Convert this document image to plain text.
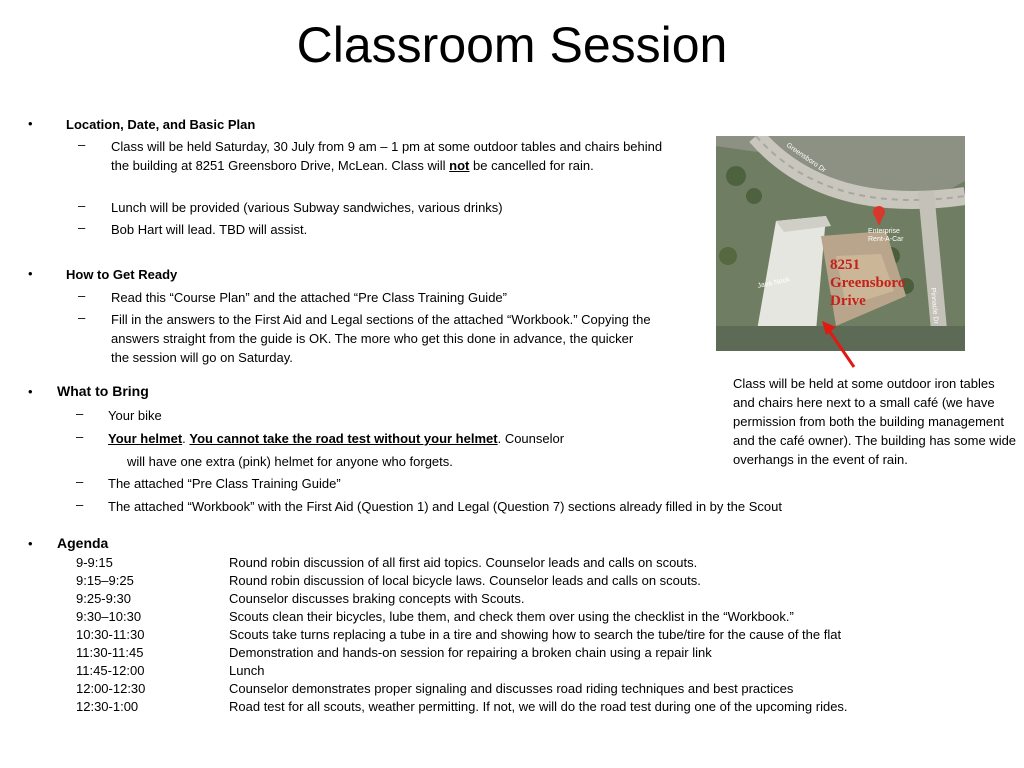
Classroom Session
•	Location, Date, and Basic Plan
– Class will be held Saturday, 30 July from 9 am – 1 pm at some outdoor tables and chairs behind the building at 8251 Greensboro Drive, McLean. Class will not be cancelled for rain.
– Lunch will be provided (various Subway sandwiches, various drinks)
– Bob Hart will lead. TBD will assist.
•	How to Get Ready
– Read this “Course Plan” and the attached “Pre Class Training Guide”
– Fill in the answers to the First Aid and Legal sections of the attached “Workbook.” Copying the answers straight from the guide is OK. The more who get this done in advance, the quicker the session will go on Saturday.
• What to Bring
– Your bike
– Your helmet. You cannot take the road test without your helmet. Counselor
will have one extra (pink) helmet for anyone who forgets.
– The attached “Pre Class Training Guide”
– The attached “Workbook” with the First Aid (Question 1) and Legal (Question 7) sections already filled in by the Scout
• Agenda
9-9:15	Round robin discussion of all first aid topics. Counselor leads and calls on scouts.
9:15–9:25	Round robin discussion of local bicycle laws. Counselor leads and calls on scouts.
9:25-9:30	Counselor discusses braking concepts with Scouts.
9:30–10:30	Scouts clean their bicycles, lube them, and check them over using the checklist in the “Workbook.”
10:30-11:30	Scouts take turns replacing a tube in a tire and showing how to search the tube/tire for the cause of the flat
11:30-11:45	Demonstration and hands-on session for repairing a broken chain using a repair link
11:45-12:00	Lunch
12:00-12:30	Counselor demonstrates proper signaling and discusses road riding techniques and best practices
12:30-1:00	Road test for all scouts, weather permitting. If not, we will do the road test during one of the upcoming rides.
Enterprise
Rent-A-Car
Java Nook
Greensboro Dr
Pinnacle Dr
8251
Greensboro
Drive
Class will be held at some outdoor iron tables and chairs here next to a small café (we have permission from both the building management and the café owner). The building has some wide overhangs in the event of rain.
